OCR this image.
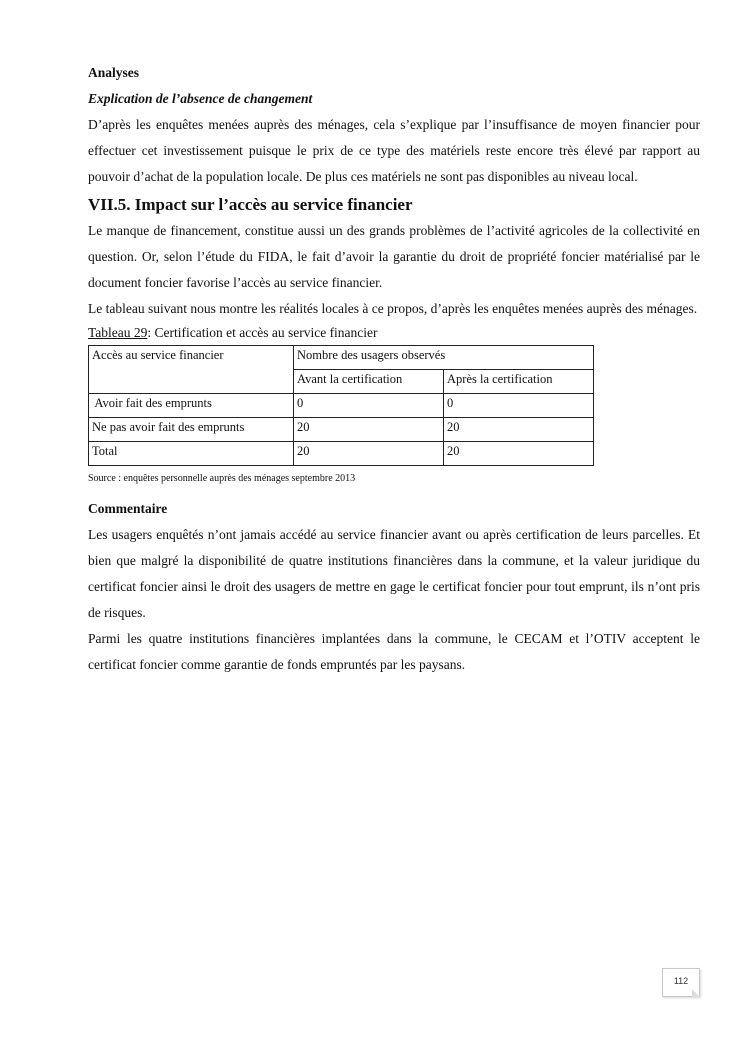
Analyses
Explication de l’absence de changement

D’après les enquêtes menées auprès des ménages, cela s’explique par l’insuffisance de moyen financier pour effectuer cet investissement puisque le prix de ce type des matériels reste encore très élevé par rapport au pouvoir d’achat de la population locale. De plus ces matériels ne sont pas disponibles au niveau local.

VII.5. Impact sur l’accès au service financier

Le manque de financement, constitue aussi un des grands problèmes de l’activité agricoles de la collectivité en question. Or, selon l’étude du FIDA, le fait d’avoir la garantie du droit de propriété foncier matérialisé par le document foncier favorise l’accès au service financier.

Le tableau suivant nous montre les réalités locales à ce propos, d’après les enquêtes menées auprès des ménages.

Tableau 29: Certification et accès au service financier
Accès au service financier	Nombre des usagers observés	
	Avant la certification	Après la certification
Avoir fait des emprunts	0	0
Ne pas avoir fait des emprunts	20	20
Total	20	20
Source : enquêtes personnelle auprès des ménages septembre 2013
Commentaire

Les usagers enquêtés n’ont jamais accédé au service financier avant ou après certification de leurs parcelles. Et bien que malgré la disponibilité de quatre institutions financières dans la commune, et la valeur juridique du certificat foncier ainsi le droit des usagers de mettre en gage le certificat foncier pour tout emprunt, ils n’ont pris de risques.

Parmi les quatre institutions financières implantées dans la commune, le CECAM et l’OTIV acceptent le certificat foncier comme garantie de fonds empruntés par les paysans.

112
